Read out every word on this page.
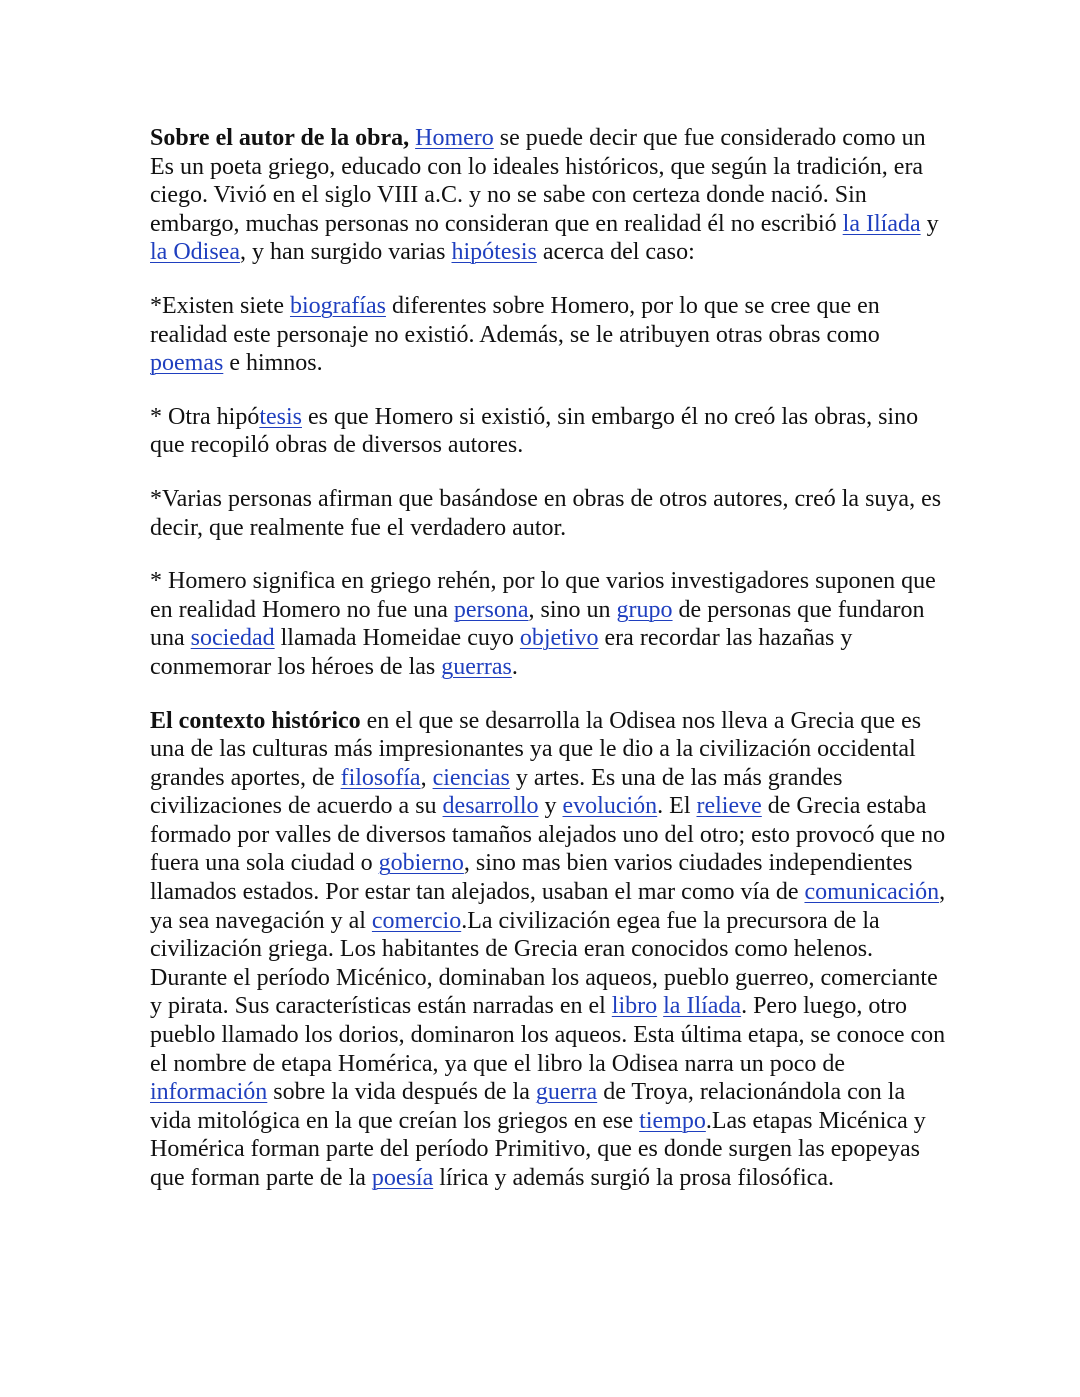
Sobre el autor de la obra, Homero se puede decir que fue considerado como un Es un poeta griego, educado con lo ideales históricos, que según la tradición, era ciego. Vivió en el siglo VIII a.C. y no se sabe con certeza donde nació. Sin embargo, muchas personas no consideran que en realidad él no escribió la Ilíada y la Odisea, y han surgido varias hipótesis acerca del caso:

*Existen siete biografías diferentes sobre Homero, por lo que se cree que en realidad este personaje no existió. Además, se le atribuyen otras obras como poemas e himnos.

* Otra hipótesis es que Homero si existió, sin embargo él no creó las obras, sino que recopiló obras de diversos autores.

*Varias personas afirman que basándose en obras de otros autores, creó la suya, es decir, que realmente fue el verdadero autor.

* Homero significa en griego rehén, por lo que varios investigadores suponen que en realidad Homero no fue una persona, sino un grupo de personas que fundaron una sociedad llamada Homeidae cuyo objetivo era recordar las hazañas y conmemorar los héroes de las guerras.

El contexto histórico en el que se desarrolla la Odisea nos lleva a Grecia que es una de las culturas más impresionantes ya que le dio a la civilización occidental grandes aportes, de filosofía, ciencias y artes. Es una de las más grandes civilizaciones de acuerdo a su desarrollo y evolución. El relieve de Grecia estaba formado por valles de diversos tamaños alejados uno del otro; esto provocó que no fuera una sola ciudad o gobierno, sino mas bien varios ciudades independientes llamados estados. Por estar tan alejados, usaban el mar como vía de comunicación, ya sea navegación y al comercio.La civilización egea fue la precursora de la civilización griega. Los habitantes de Grecia eran conocidos como helenos. Durante el período Micénico, dominaban los aqueos, pueblo guerreo, comerciante y pirata. Sus características están narradas en el libro la Ilíada. Pero luego, otro pueblo llamado los dorios, dominaron los aqueos. Esta última etapa, se conoce con el nombre de etapa Homérica, ya que el libro la Odisea narra un poco de información sobre la vida después de la guerra de Troya, relacionándola con la vida mitológica en la que creían los griegos en ese tiempo.Las etapas Micénica y Homérica forman parte del período Primitivo, que es donde surgen las epopeyas que forman parte de la poesía lírica y además surgió la prosa filosófica.
